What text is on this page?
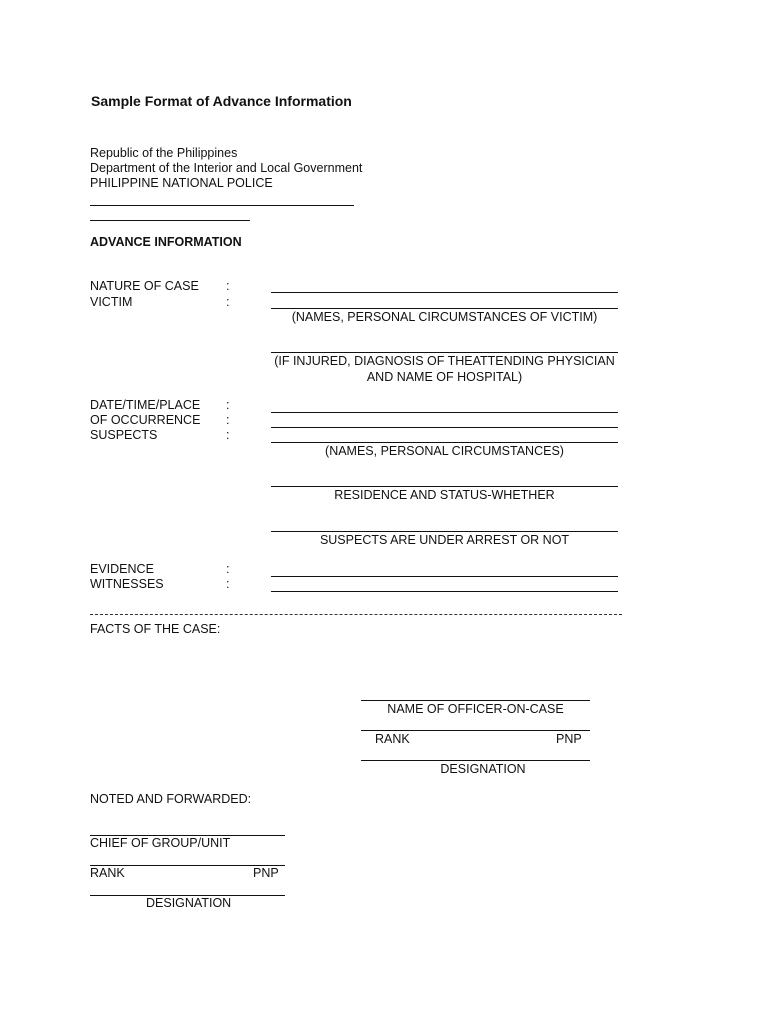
Sample Format of Advance Information
Republic of the Philippines
Department of the Interior and Local Government
PHILIPPINE NATIONAL POLICE
ADVANCE INFORMATION
NATURE OF CASE :
VICTIM	:
(NAMES, PERSONAL CIRCUMSTANCES OF VICTIM)
(IF INJURED, DIAGNOSIS OF THEATTENDING PHYSICIAN
AND NAME OF HOSPITAL)
DATE/TIME/PLACE :
OF OCCURRENCE :
SUSPECTS	:
(NAMES, PERSONAL CIRCUMSTANCES)
RESIDENCE AND STATUS-WHETHER
SUSPECTS ARE UNDER ARREST OR NOT
EVIDENCE	:
WITNESSES	:
FACTS OF THE CASE:
NAME OF OFFICER-ON-CASE
RANK	PNP
DESIGNATION
NOTED AND FORWARDED:
CHIEF OF GROUP/UNIT
RANK	PNP
DESIGNATION
